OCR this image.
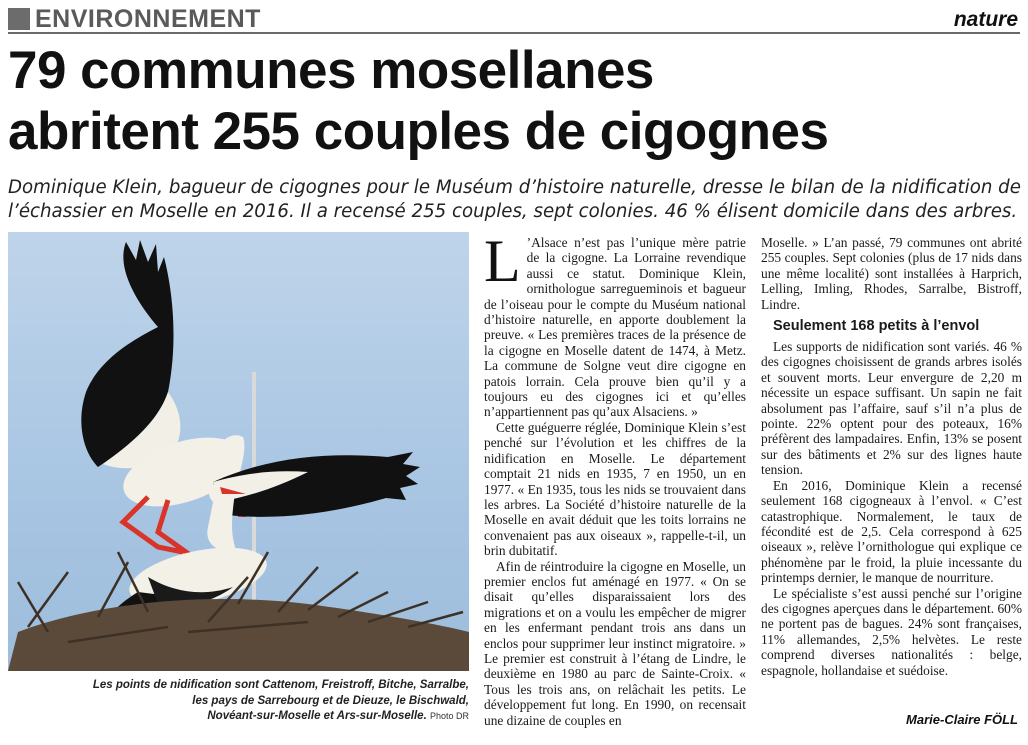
ENVIRONNEMENT	nature
79 communes mosellanes
abritent 255 couples de cigognes
Dominique Klein, bagueur de cigognes pour le Muséum d’histoire naturelle, dresse le bilan de la nidification de l’échassier en Moselle en 2016. Il a recensé 255 couples, sept colonies. 46 % élisent domicile dans des arbres.
Les points de nidification sont Cattenom, Freistroff, Bitche, Sarralbe,
les pays de Sarrebourg et de Dieuze, le Bischwald,
Novéant-sur-Moselle et Ars-sur-Moselle. Photo DR

L ’Alsace n’est pas l’unique mère patrie de la cigogne. La Lorraine revendique aussi ce statut. Dominique Klein, ornithologue sarregueminois et bagueur de l’oiseau pour le compte du Muséum national d’histoire naturelle, en apporte doublement la preuve. « Les premières traces de la présence de la cigogne en Moselle datent de 1474, à Metz. La commune de Solgne veut dire cigogne en patois lorrain. Cela prouve bien qu’il y a toujours eu des cigognes ici et qu’elles n’appartiennent pas qu’aux Alsaciens. »

Cette guéguerre réglée, Dominique Klein s’est penché sur l’évolution et les chiffres de la nidification en Moselle. Le département comptait 21 nids en 1935, 7 en 1950, un en 1977. « En 1935, tous les nids se trouvaient dans les arbres. La Société d’histoire naturelle de la Moselle en avait déduit que les toits lorrains ne convenaient pas aux oiseaux », rappelle-t-il, un brin dubitatif.

Afin de réintroduire la cigogne en Moselle, un premier enclos fut aménagé en 1977. « On se disait qu’elles disparaissaient lors des migrations et on a voulu les empêcher de migrer en les enfermant pendant trois ans dans un enclos pour supprimer leur instinct migratoire. » Le premier est construit à l’étang de Lindre, le deuxième en 1980 au parc de Sainte-Croix. « Tous les trois ans, on relâchait les petits. Le développement fut long. En 1990, on recensait une dizaine de couples en

Moselle. » L’an passé, 79 communes ont abrité 255 couples. Sept colonies (plus de 17 nids dans une même localité) sont installées à Harprich, Lelling, Imling, Rhodes, Sarralbe, Bistroff, Lindre.

Seulement 168 petits à l’envol

Les supports de nidification sont variés. 46 % des cigognes choisissent de grands arbres isolés et souvent morts. Leur envergure de 2,20 m nécessite un espace suffisant. Un sapin ne fait absolument pas l’affaire, sauf s’il n’a plus de pointe. 22% optent pour des poteaux, 16% préfèrent des lampadaires. Enfin, 13% se posent sur des bâtiments et 2% sur des lignes haute tension.

En 2016, Dominique Klein a recensé seulement 168 cigogneaux à l’envol. « C’est catastrophique. Normalement, le taux de fécondité est de 2,5. Cela correspond à 625 oiseaux », relève l’ornithologue qui explique ce phénomène par le froid, la pluie incessante du printemps dernier, le manque de nourriture.

Le spécialiste s’est aussi penché sur l’origine des cigognes aperçues dans le département. 60% ne portent pas de bagues. 24% sont françaises, 11% allemandes, 2,5% helvètes. Le reste comprend diverses nationalités : belge, espagnole, hollandaise et suédoise.

Marie-Claire FÖLL
